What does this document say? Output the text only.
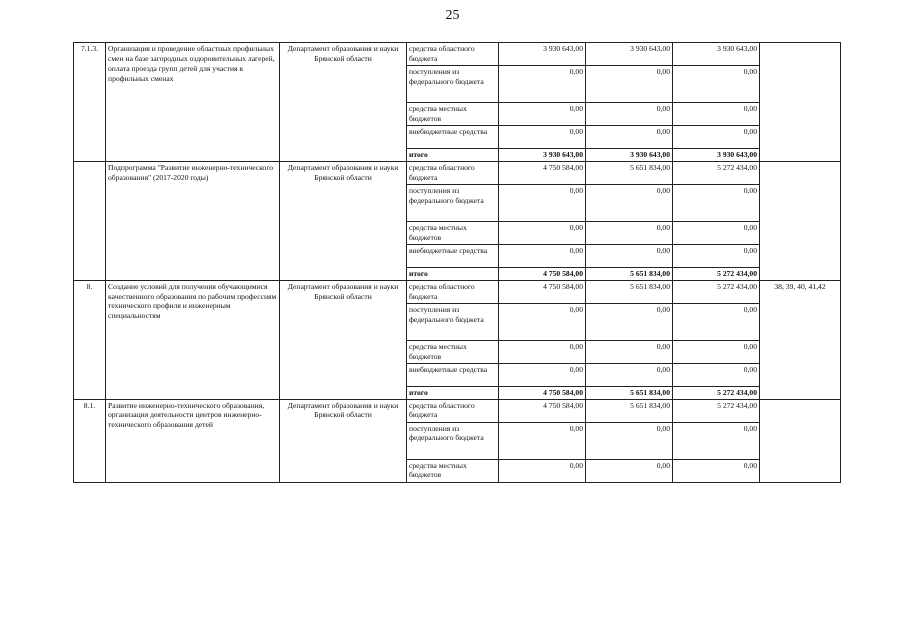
25
7.1.3.	Организация и проведение областных профильных смен на базе загородных оздоровительных лагерей, оплата проезда групп детей для участия в профильных сменах	Департамент образования и науки Брянской области	средства областного бюджета	3 930 643,00	3 930 643,00	3 930 643,00	
			поступления из федерального бюджета	0,00	0,00	0,00	
			средства местных бюджетов	0,00	0,00	0,00	
			внебюджетные средства	0,00	0,00	0,00	
			итого	3 930 643,00	3 930 643,00	3 930 643,00	
	Подпрограмма "Развитие инженерно-технического образования" (2017-2020 годы)	Департамент образования и науки Брянской области	средства областного бюджета	4 750 584,00	5 651 834,00	5 272 434,00	
			поступления из федерального бюджета	0,00	0,00	0,00	
			средства местных бюджетов	0,00	0,00	0,00	
			внебюджетные средства	0,00	0,00	0,00	
			итого	4 750 584,00	5 651 834,00	5 272 434,00	
8.	Создание условий для получения обучающимися качественного образования по рабочим профессиям технического профиля и инженерным специальностям	Департамент образования и науки Брянской области	средства областного бюджета	4 750 584,00	5 651 834,00	5 272 434,00	38, 39, 40, 41,42
			поступления из федерального бюджета	0,00	0,00	0,00	
			средства местных бюджетов	0,00	0,00	0,00	
			внебюджетные средства	0,00	0,00	0,00	
			итого	4 750 584,00	5 651 834,00	5 272 434,00	
8.1.	Развитие инженерно-технического образования, организация деятельности центров инженерно-технического образования детей	Департамент образования и науки Брянской области	средства областного бюджета	4 750 584,00	5 651 834,00	5 272 434,00	
			поступления из федерального бюджета	0,00	0,00	0,00	
			средства местных бюджетов	0,00	0,00	0,00	
